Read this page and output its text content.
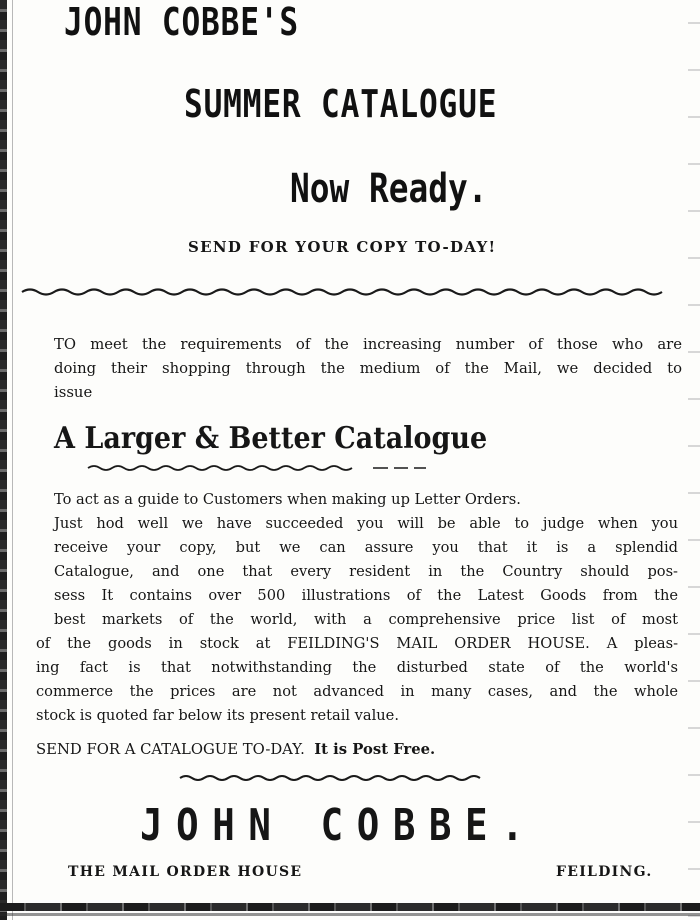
JOHN COBBE'S
SUMMER CATALOGUE
Now Ready.

SEND FOR YOUR COPY TO-DAY!

TO meet the requirements of the increasing number of those who are
doing their shopping through the medium of the Mail, we decided to
issue
A Larger & Better Catalogue
To act as a guide to Customers when making up Letter Orders.
Just hod well we have succeeded you will be able to judge when you
receive your copy, but we can assure you that it is a splendid
Catalogue, and one that every resident in the Country should pos-
sess It contains over 500 illustrations of the Latest Goods from the
best markets of the world, with a comprehensive price list of most
of the goods in stock at FEILDING'S MAIL ORDER HOUSE. A pleas-
ing fact is that notwithstanding the disturbed state of the world's
commerce the prices are not advanced in many cases, and the whole
stock is quoted far below its present retail value.

SEND FOR A CATALOGUE TO-DAY. It is Post Free.

JOHN COBBE.

THE MAIL ORDER HOUSE	FEILDING.
